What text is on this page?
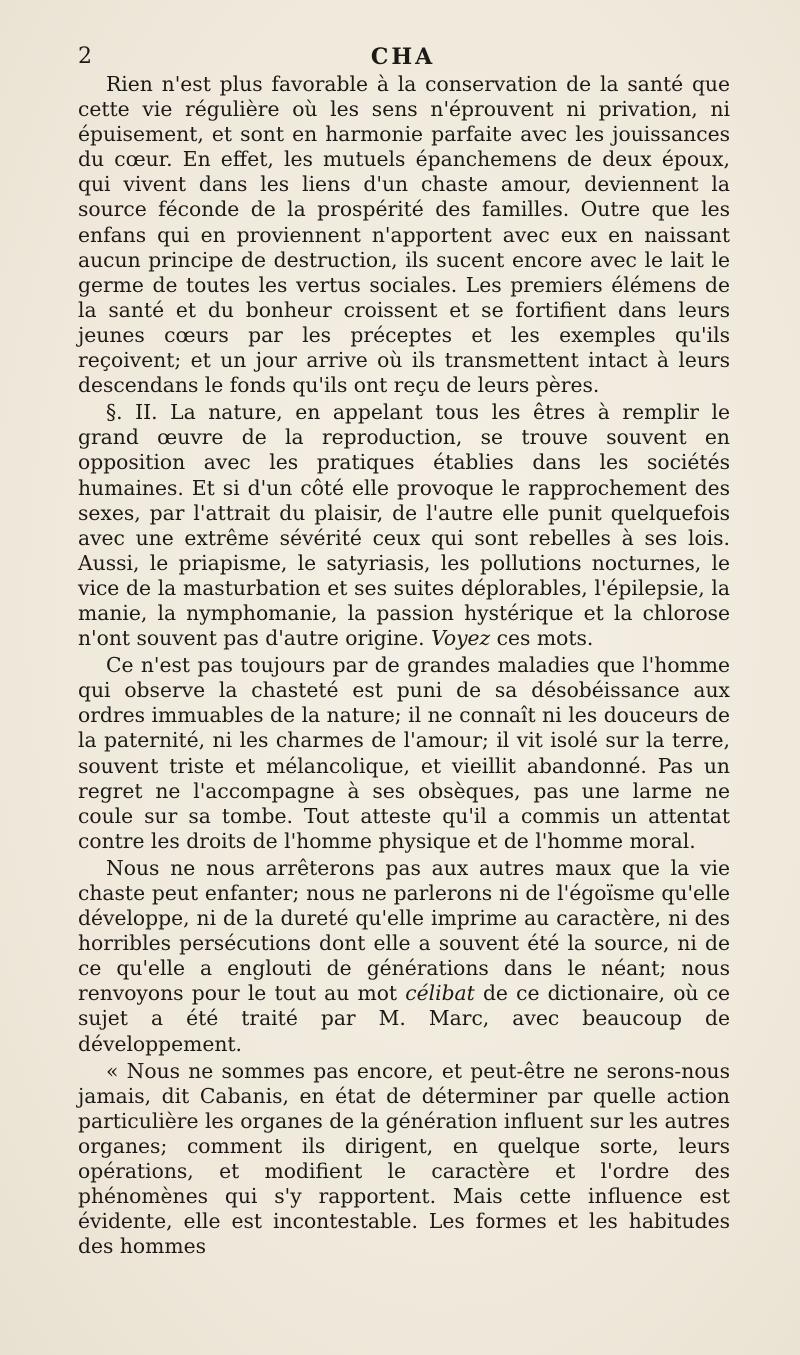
2	CHA

Rien n'est plus favorable à la conservation de la santé que cette vie régulière où les sens n'éprouvent ni privation, ni épuisement, et sont en harmonie parfaite avec les jouissances du cœur. En effet, les mutuels épanchemens de deux époux, qui vivent dans les liens d'un chaste amour, deviennent la source féconde de la prospérité des familles. Outre que les enfans qui en proviennent n'apportent avec eux en naissant aucun principe de destruction, ils sucent encore avec le lait le germe de toutes les vertus sociales. Les premiers élémens de la santé et du bonheur croissent et se fortifient dans leurs jeunes cœurs par les préceptes et les exemples qu'ils reçoivent; et un jour arrive où ils transmettent intact à leurs descendans le fonds qu'ils ont reçu de leurs pères.

§. II. La nature, en appelant tous les êtres à remplir le grand œuvre de la reproduction, se trouve souvent en opposition avec les pratiques établies dans les sociétés humaines. Et si d'un côté elle provoque le rapprochement des sexes, par l'attrait du plaisir, de l'autre elle punit quelquefois avec une extrême sévérité ceux qui sont rebelles à ses lois. Aussi, le priapisme, le satyriasis, les pollutions nocturnes, le vice de la masturbation et ses suites déplorables, l'épilepsie, la manie, la nymphomanie, la passion hystérique et la chlorose n'ont souvent pas d'autre origine. Voyez ces mots.

Ce n'est pas toujours par de grandes maladies que l'homme qui observe la chasteté est puni de sa désobéissance aux ordres immuables de la nature; il ne connaît ni les douceurs de la paternité, ni les charmes de l'amour; il vit isolé sur la terre, souvent triste et mélancolique, et vieillit abandonné. Pas un regret ne l'accompagne à ses obsèques, pas une larme ne coule sur sa tombe. Tout atteste qu'il a commis un attentat contre les droits de l'homme physique et de l'homme moral.

Nous ne nous arrêterons pas aux autres maux que la vie chaste peut enfanter; nous ne parlerons ni de l'égoïsme qu'elle développe, ni de la dureté qu'elle imprime au caractère, ni des horribles persécutions dont elle a souvent été la source, ni de ce qu'elle a englouti de générations dans le néant; nous renvoyons pour le tout au mot célibat de ce dictionaire, où ce sujet a été traité par M. Marc, avec beaucoup de développement.

« Nous ne sommes pas encore, et peut-être ne serons-nous jamais, dit Cabanis, en état de déterminer par quelle action particulière les organes de la génération influent sur les autres organes; comment ils dirigent, en quelque sorte, leurs opérations, et modifient le caractère et l'ordre des phénomènes qui s'y rapportent. Mais cette influence est évidente, elle est incontestable. Les formes et les habitudes des hommes
